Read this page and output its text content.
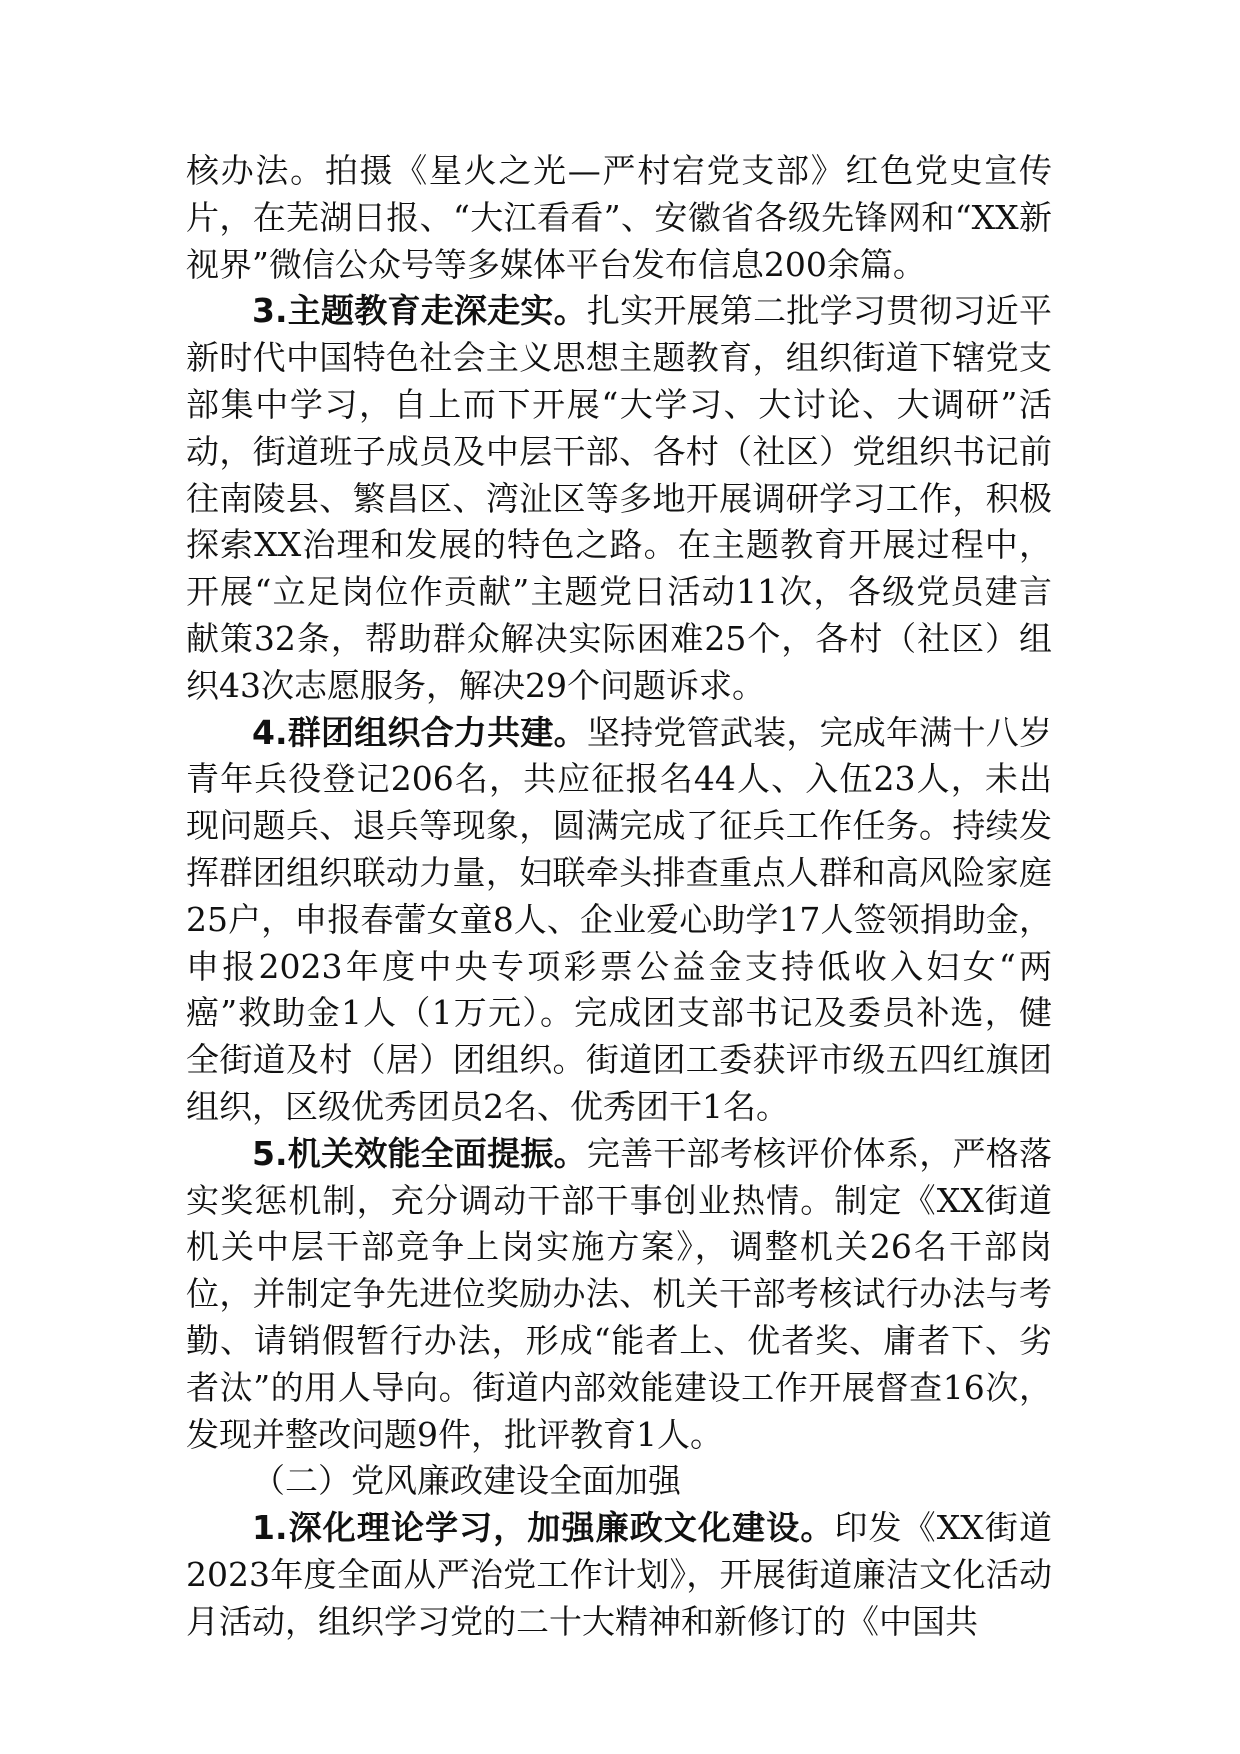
核办法。拍摄《星火之光—严村宕党支部》红色党史宣传片，在芜湖日报、“大江看看”、安徽省各级先锋网和“XX新视界”微信公众号等多媒体平台发布信息200余篇。

3.主题教育走深走实。扎实开展第二批学习贯彻习近平新时代中国特色社会主义思想主题教育，组织街道下辖党支部集中学习，自上而下开展“大学习、大讨论、大调研”活动，街道班子成员及中层干部、各村（社区）党组织书记前往南陵县、繁昌区、湾沚区等多地开展调研学习工作，积极探索XX治理和发展的特色之路。在主题教育开展过程中，开展“立足岗位作贡献”主题党日活动11次，各级党员建言献策32条，帮助群众解决实际困难25个，各村（社区）组织43次志愿服务，解决29个问题诉求。

4.群团组织合力共建。坚持党管武装，完成年满十八岁青年兵役登记206名，共应征报名44人、入伍23人，未出现问题兵、退兵等现象，圆满完成了征兵工作任务。持续发挥群团组织联动力量，妇联牵头排查重点人群和高风险家庭25户，申报春蕾女童8人、企业爱心助学17人签领捐助金，申报2023年度中央专项彩票公益金支持低收入妇女“两癌”救助金1人（1万元）。完成团支部书记及委员补选，健全街道及村（居）团组织。街道团工委获评市级五四红旗团组织，区级优秀团员2名、优秀团干1名。

5.机关效能全面提振。完善干部考核评价体系，严格落实奖惩机制，充分调动干部干事创业热情。制定《XX街道机关中层干部竞争上岗实施方案》，调整机关26名干部岗位，并制定争先进位奖励办法、机关干部考核试行办法与考勤、请销假暂行办法，形成“能者上、优者奖、庸者下、劣者汰”的用人导向。街道内部效能建设工作开展督查16次，发现并整改问题9件，批评教育1人。

（二）党风廉政建设全面加强

1.深化理论学习，加强廉政文化建设。印发《XX街道2023年度全面从严治党工作计划》，开展街道廉洁文化活动月活动，组织学习党的二十大精神和新修订的《中国共
